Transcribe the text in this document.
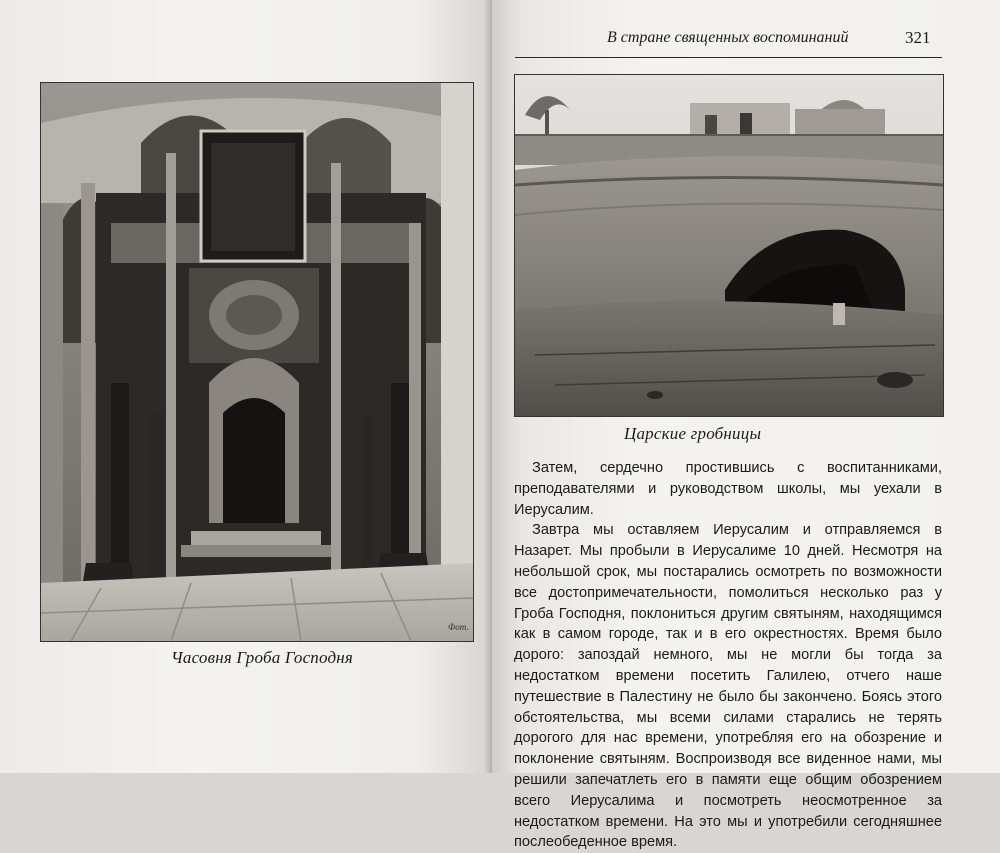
Часовня Гроба Господня
В стране священных воспоминаний	321
Царские гробницы

Затем, сердечно простившись с воспитанниками, преподавателями и руководством школы, мы уехали в Иерусалим.

Завтра мы оставляем Иерусалим и отправляемся в Назарет. Мы пробыли в Иерусалиме 10 дней. Несмотря на небольшой срок, мы постарались осмотреть по возможности все достопримечательности, помолиться несколько раз у Гроба Господня, поклониться другим святыням, находящимся как в самом городе, так и в его окрестностях. Время было дорого: запоздай немного, мы не могли бы тогда за недостатком времени посетить Галилею, отчего наше путешествие в Палестину не было бы закончено. Боясь этого обстоятельства, мы всеми силами старались не терять дорогого для нас времени, употребляя его на обозрение и поклонение святыням. Воспроизводя все виденное нами, мы решили запечатлеть его в памяти еще общим обозрением всего Иерусалима и посмотреть неосмотренное за недостатком времени. На это мы и употребили сегодняшнее послеобеденное время.

Фот.
